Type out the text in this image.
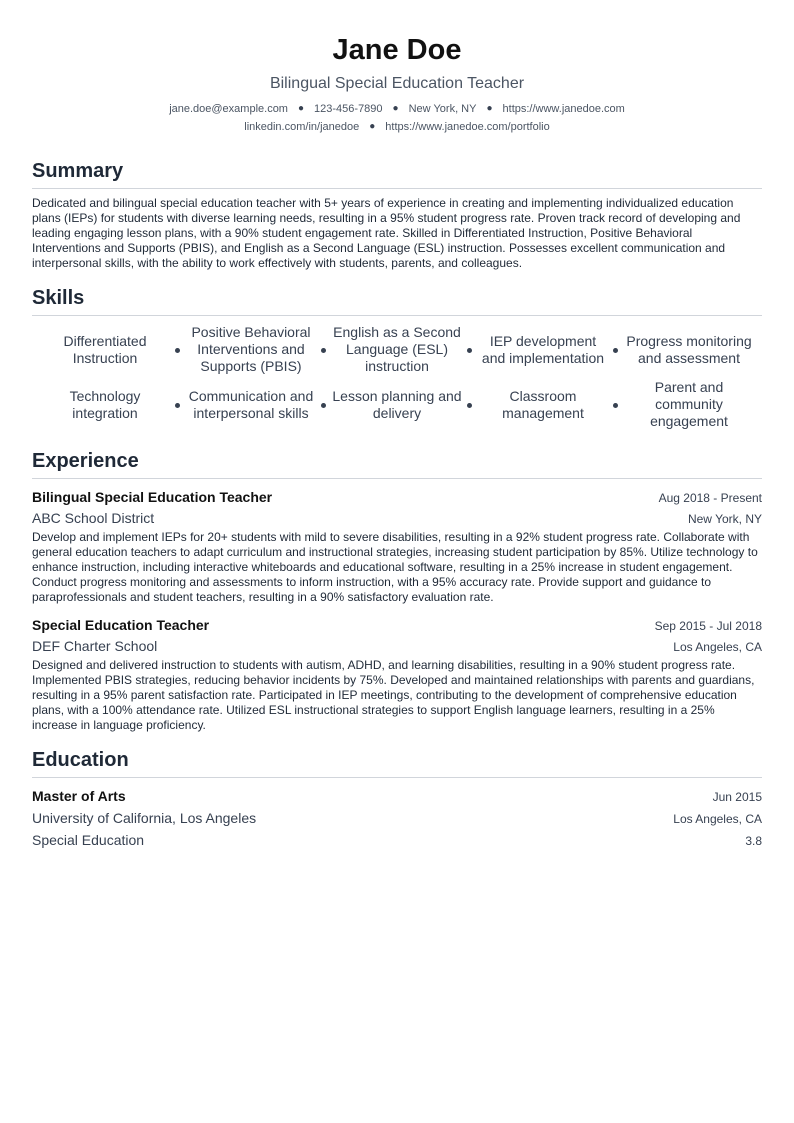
Jane Doe
Bilingual Special Education Teacher
jane.doe@example.com ● 123-456-7890 ● New York, NY ● https://www.janedoe.com
linkedin.com/in/janedoe ● https://www.janedoe.com/portfolio
Summary
Dedicated and bilingual special education teacher with 5+ years of experience in creating and implementing individualized education plans (IEPs) for students with diverse learning needs, resulting in a 95% student progress rate. Proven track record of developing and leading engaging lesson plans, with a 90% student engagement rate. Skilled in Differentiated Instruction, Positive Behavioral Interventions and Supports (PBIS), and English as a Second Language (ESL) instruction. Possesses excellent communication and interpersonal skills, with the ability to work effectively with students, parents, and colleagues.
Skills
Differentiated Instruction
Positive Behavioral Interventions and Supports (PBIS)
English as a Second Language (ESL) instruction
IEP development and implementation
Progress monitoring and assessment
Technology integration
Communication and interpersonal skills
Lesson planning and delivery
Classroom management
Parent and community engagement
Experience
Bilingual Special Education Teacher	Aug 2018 - Present
ABC School District	New York, NY
Develop and implement IEPs for 20+ students with mild to severe disabilities, resulting in a 92% student progress rate. Collaborate with general education teachers to adapt curriculum and instructional strategies, increasing student participation by 85%. Utilize technology to enhance instruction, including interactive whiteboards and educational software, resulting in a 25% increase in student engagement. Conduct progress monitoring and assessments to inform instruction, with a 95% accuracy rate. Provide support and guidance to paraprofessionals and student teachers, resulting in a 90% satisfactory evaluation rate.
Special Education Teacher	Sep 2015 - Jul 2018
DEF Charter School	Los Angeles, CA
Designed and delivered instruction to students with autism, ADHD, and learning disabilities, resulting in a 90% student progress rate. Implemented PBIS strategies, reducing behavior incidents by 75%. Developed and maintained relationships with parents and guardians, resulting in a 95% parent satisfaction rate. Participated in IEP meetings, contributing to the development of comprehensive education plans, with a 100% attendance rate. Utilized ESL instructional strategies to support English language learners, resulting in a 25% increase in language proficiency.
Education
Master of Arts	Jun 2015
University of California, Los Angeles	Los Angeles, CA
Special Education	3.8
